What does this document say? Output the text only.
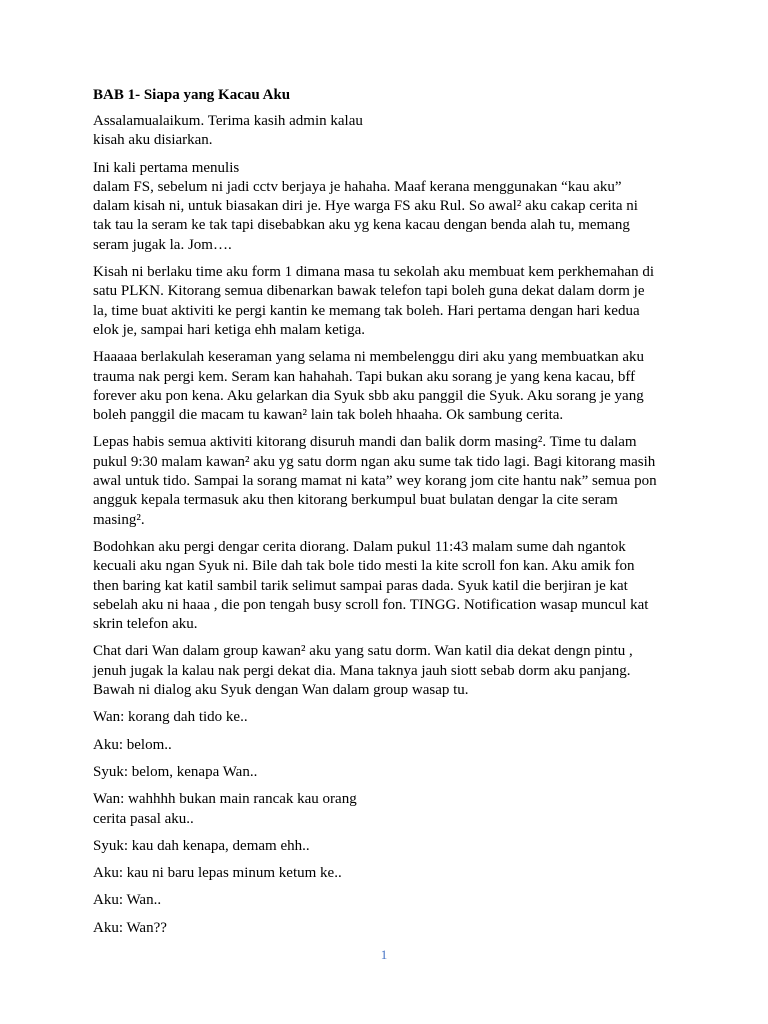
BAB 1- Siapa yang Kacau Aku
Assalamualaikum. Terima kasih admin kalau
kisah aku disiarkan.
Ini kali pertama menulis
dalam FS, sebelum ni jadi cctv berjaya je hahaha. Maaf kerana menggunakan “kau aku”
dalam kisah ni, untuk biasakan diri je. Hye warga FS aku Rul. So awal² aku cakap cerita ni
tak tau la seram ke tak tapi disebabkan aku yg kena kacau dengan benda alah tu, memang
seram jugak la. Jom….
Kisah ni berlaku time aku form 1 dimana masa tu sekolah aku membuat kem perkhemahan di
satu PLKN. Kitorang semua dibenarkan bawak telefon tapi boleh guna dekat dalam dorm je
la, time buat aktiviti ke pergi kantin ke memang tak boleh. Hari pertama dengan hari kedua
elok je, sampai hari ketiga ehh malam ketiga.
Haaaaa berlakulah keseraman yang selama ni membelenggu diri aku yang membuatkan aku
trauma nak pergi kem. Seram kan hahahah. Tapi bukan aku sorang je yang kena kacau, bff
forever aku pon kena. Aku gelarkan dia Syuk sbb aku panggil die Syuk. Aku sorang je yang
boleh panggil die macam tu kawan² lain tak boleh hhaaha. Ok sambung cerita.
Lepas habis semua aktiviti kitorang disuruh mandi dan balik dorm masing². Time tu dalam
pukul 9:30 malam kawan² aku yg satu dorm ngan aku sume tak tido lagi. Bagi kitorang masih
awal untuk tido. Sampai la sorang mamat ni kata” wey korang jom cite hantu nak” semua pon
angguk kepala termasuk aku then kitorang berkumpul buat bulatan dengar la cite seram
masing².
Bodohkan aku pergi dengar cerita diorang. Dalam pukul 11:43 malam sume dah ngantok
kecuali aku ngan Syuk ni. Bile dah tak bole tido mesti la kite scroll fon kan. Aku amik fon
then baring kat katil sambil tarik selimut sampai paras dada. Syuk katil die berjiran je kat
sebelah aku ni haaa , die pon tengah busy scroll fon. TINGG. Notification wasap muncul kat
skrin telefon aku.
Chat dari Wan dalam group kawan² aku yang satu dorm. Wan katil dia dekat dengn pintu ,
jenuh jugak la kalau nak pergi dekat dia. Mana taknya jauh siott sebab dorm aku panjang.
Bawah ni dialog aku Syuk dengan Wan dalam group wasap tu.
Wan: korang dah tido ke..
Aku: belom..
Syuk: belom, kenapa Wan..
Wan: wahhhh bukan main rancak kau orang
cerita pasal aku..
Syuk: kau dah kenapa, demam ehh..
Aku: kau ni baru lepas minum ketum ke..
Aku: Wan..
Aku: Wan??
1
